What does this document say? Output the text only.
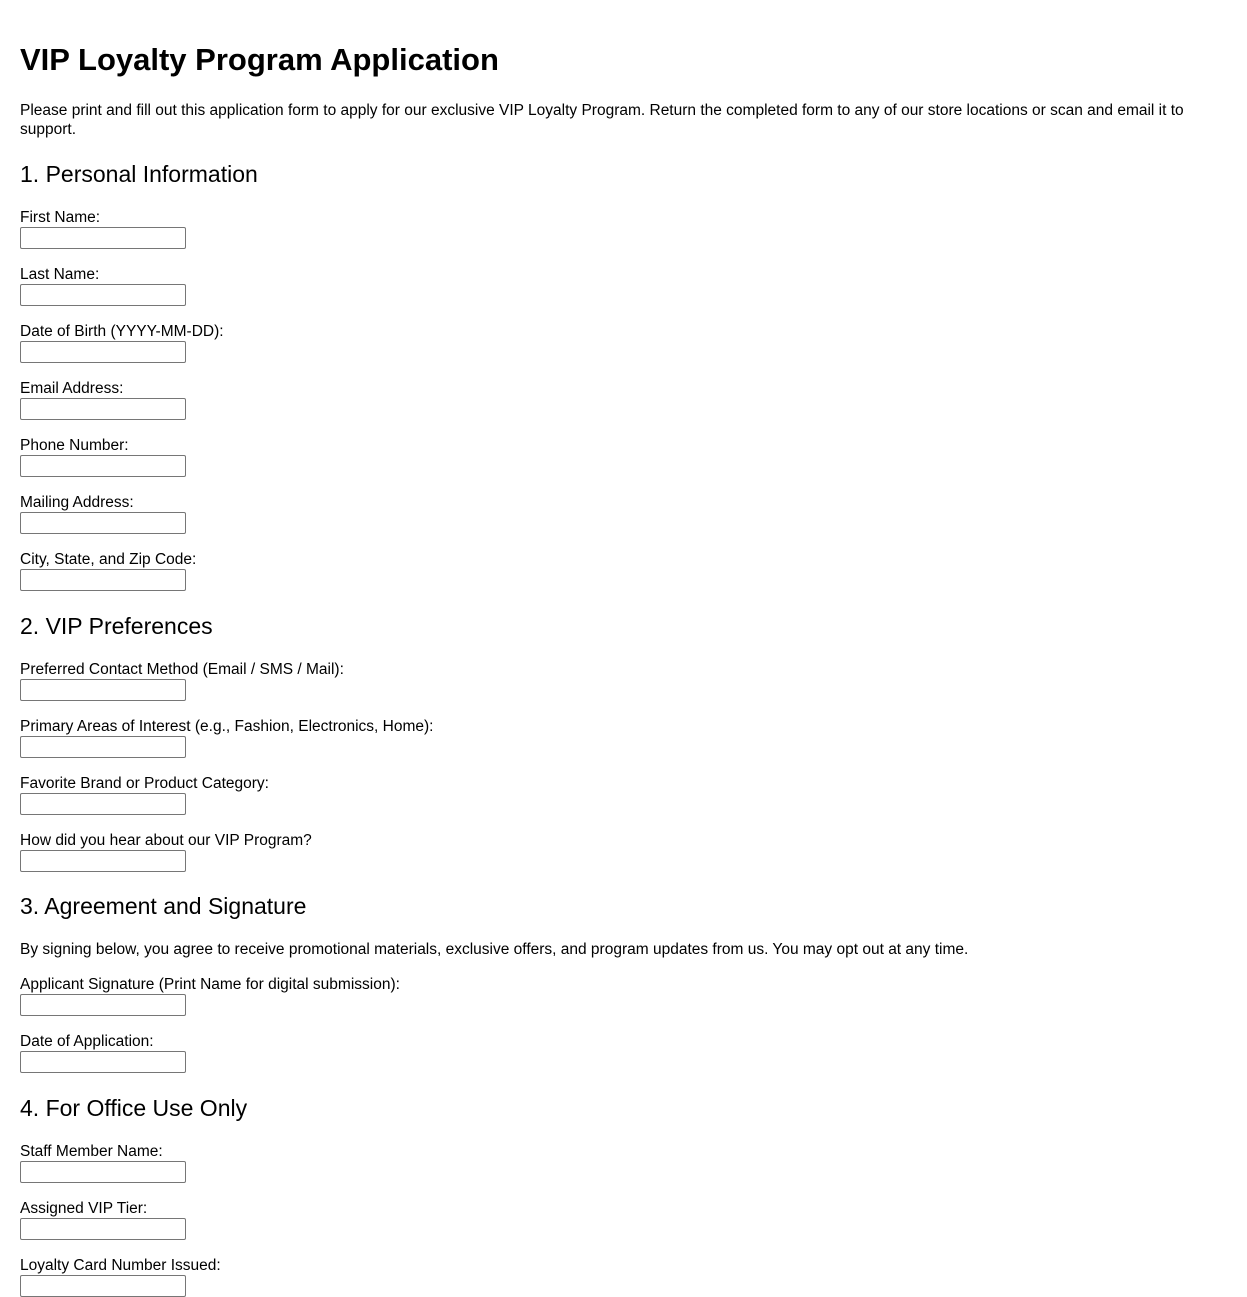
VIP Loyalty Program Application

Please print and fill out this application form to apply for our exclusive VIP Loyalty Program. Return the completed form to any of our store locations or scan and email it to support.

1. Personal Information
First Name:
Last Name:
Date of Birth (YYYY-MM-DD):
Email Address:
Phone Number:
Mailing Address:
City, State, and Zip Code:
2. VIP Preferences
Preferred Contact Method (Email / SMS / Mail):
Primary Areas of Interest (e.g., Fashion, Electronics, Home):
Favorite Brand or Product Category:
How did you hear about our VIP Program?
3. Agreement and Signature

By signing below, you agree to receive promotional materials, exclusive offers, and program updates from us. You may opt out at any time.

Applicant Signature (Print Name for digital submission):
Date of Application:
4. For Office Use Only
Staff Member Name:
Assigned VIP Tier:
Loyalty Card Number Issued:
